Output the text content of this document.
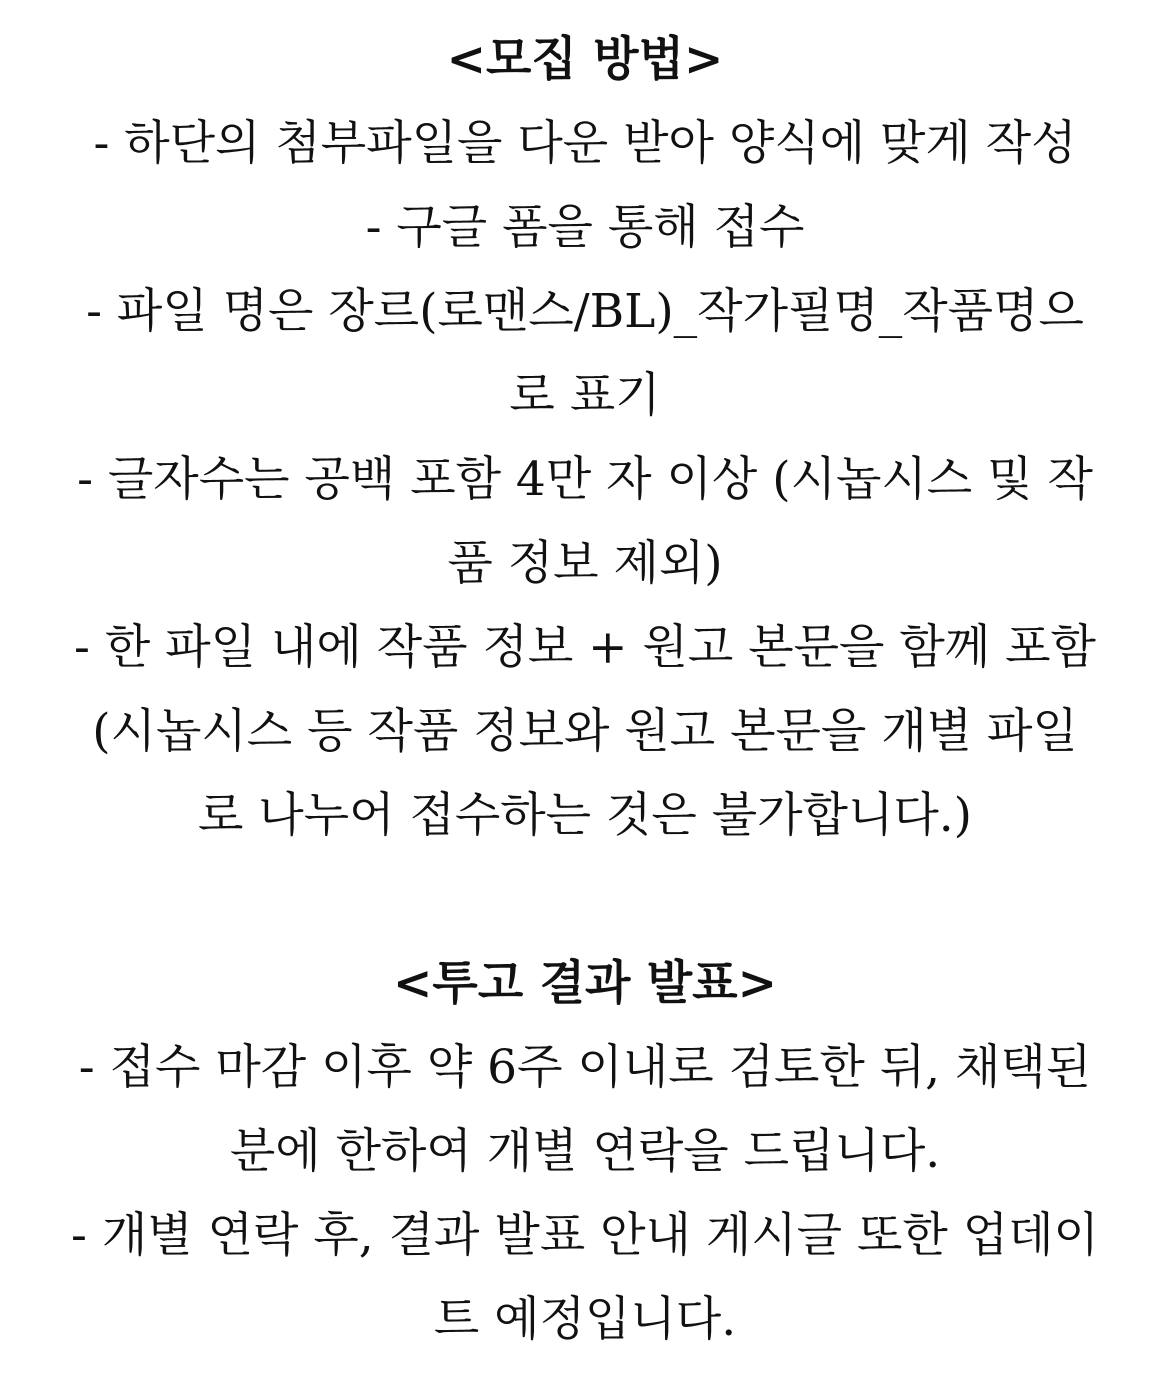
<모집 방법>
- 하단의 첨부파일을 다운 받아 양식에 맞게 작성
- 구글 폼을 통해 접수
- 파일 명은 장르(로맨스/BL)_작가필명_작품명으
로 표기
- 글자수는 공백 포함 4만 자 이상 (시놉시스 및 작
품 정보 제외)
- 한 파일 내에 작품 정보 + 원고 본문을 함께 포함
(시놉시스 등 작품 정보와 원고 본문을 개별 파일
로 나누어 접수하는 것은 불가합니다.)
<투고 결과 발표>
- 접수 마감 이후 약 6주 이내로 검토한 뒤, 채택된
분에 한하여 개별 연락을 드립니다.
- 개별 연락 후, 결과 발표 안내 게시글 또한 업데이
트 예정입니다.
